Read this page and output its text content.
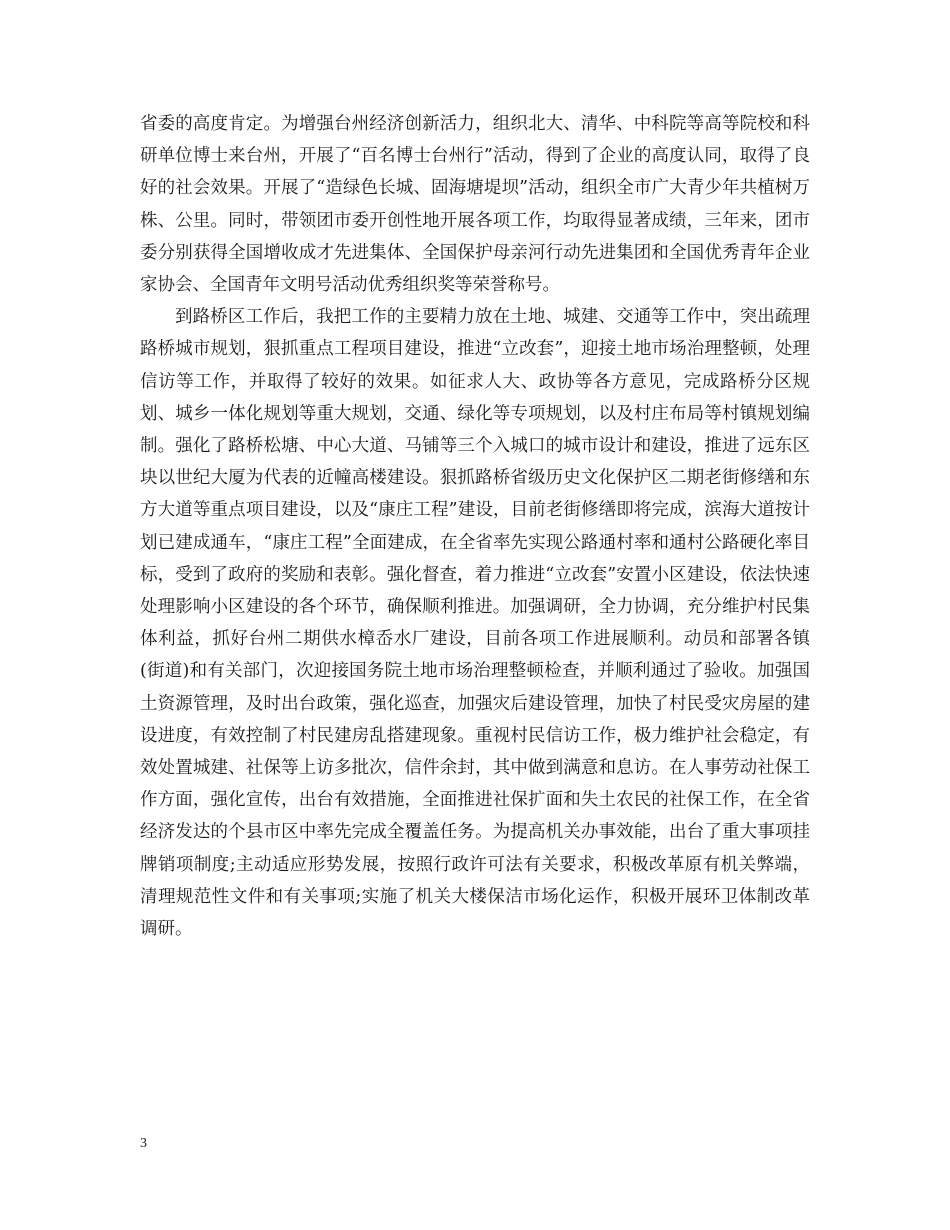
省委的高度肯定。为增强台州经济创新活力，组织北大、清华、中科院等高等院校和科研单位博士来台州，开展了“百名博士台州行”活动，得到了企业的高度认同，取得了良好的社会效果。开展了“造绿色长城、固海塘堤坝”活动，组织全市广大青少年共植树万株、公里。同时，带领团市委开创性地开展各项工作，均取得显著成绩，三年来，团市委分别获得全国增收成才先进集体、全国保护母亲河行动先进集团和全国优秀青年企业家协会、全国青年文明号活动优秀组织奖等荣誉称号。

到路桥区工作后，我把工作的主要精力放在土地、城建、交通等工作中，突出疏理路桥城市规划，狠抓重点工程项目建设，推进“立改套”，迎接土地市场治理整顿，处理信访等工作，并取得了较好的效果。如征求人大、政协等各方意见，完成路桥分区规划、城乡一体化规划等重大规划，交通、绿化等专项规划，以及村庄布局等村镇规划编制。强化了路桥松塘、中心大道、马铺等三个入城口的城市设计和建设，推进了远东区块以世纪大厦为代表的近幢高楼建设。狠抓路桥省级历史文化保护区二期老街修缮和东方大道等重点项目建设，以及“康庄工程”建设，目前老街修缮即将完成，滨海大道按计划已建成通车，“康庄工程”全面建成，在全省率先实现公路通村率和通村公路硬化率目标，受到了政府的奖励和表彰。强化督查，着力推进“立改套”安置小区建设，依法快速处理影响小区建设的各个环节，确保顺利推进。加强调研，全力协调，充分维护村民集体利益，抓好台州二期供水樟岙水厂建设，目前各项工作进展顺利。动员和部署各镇(街道)和有关部门，次迎接国务院土地市场治理整顿检查，并顺利通过了验收。加强国土资源管理，及时出台政策，强化巡查，加强灾后建设管理，加快了村民受灾房屋的建设进度，有效控制了村民建房乱搭建现象。重视村民信访工作，极力维护社会稳定，有效处置城建、社保等上访多批次，信件余封，其中做到满意和息访。在人事劳动社保工作方面，强化宣传，出台有效措施，全面推进社保扩面和失土农民的社保工作，在全省经济发达的个县市区中率先完成全覆盖任务。为提高机关办事效能，出台了重大事项挂牌销项制度;主动适应形势发展，按照行政许可法有关要求，积极改革原有机关弊端，清理规范性文件和有关事项;实施了机关大楼保洁市场化运作，积极开展环卫体制改革调研。

3
